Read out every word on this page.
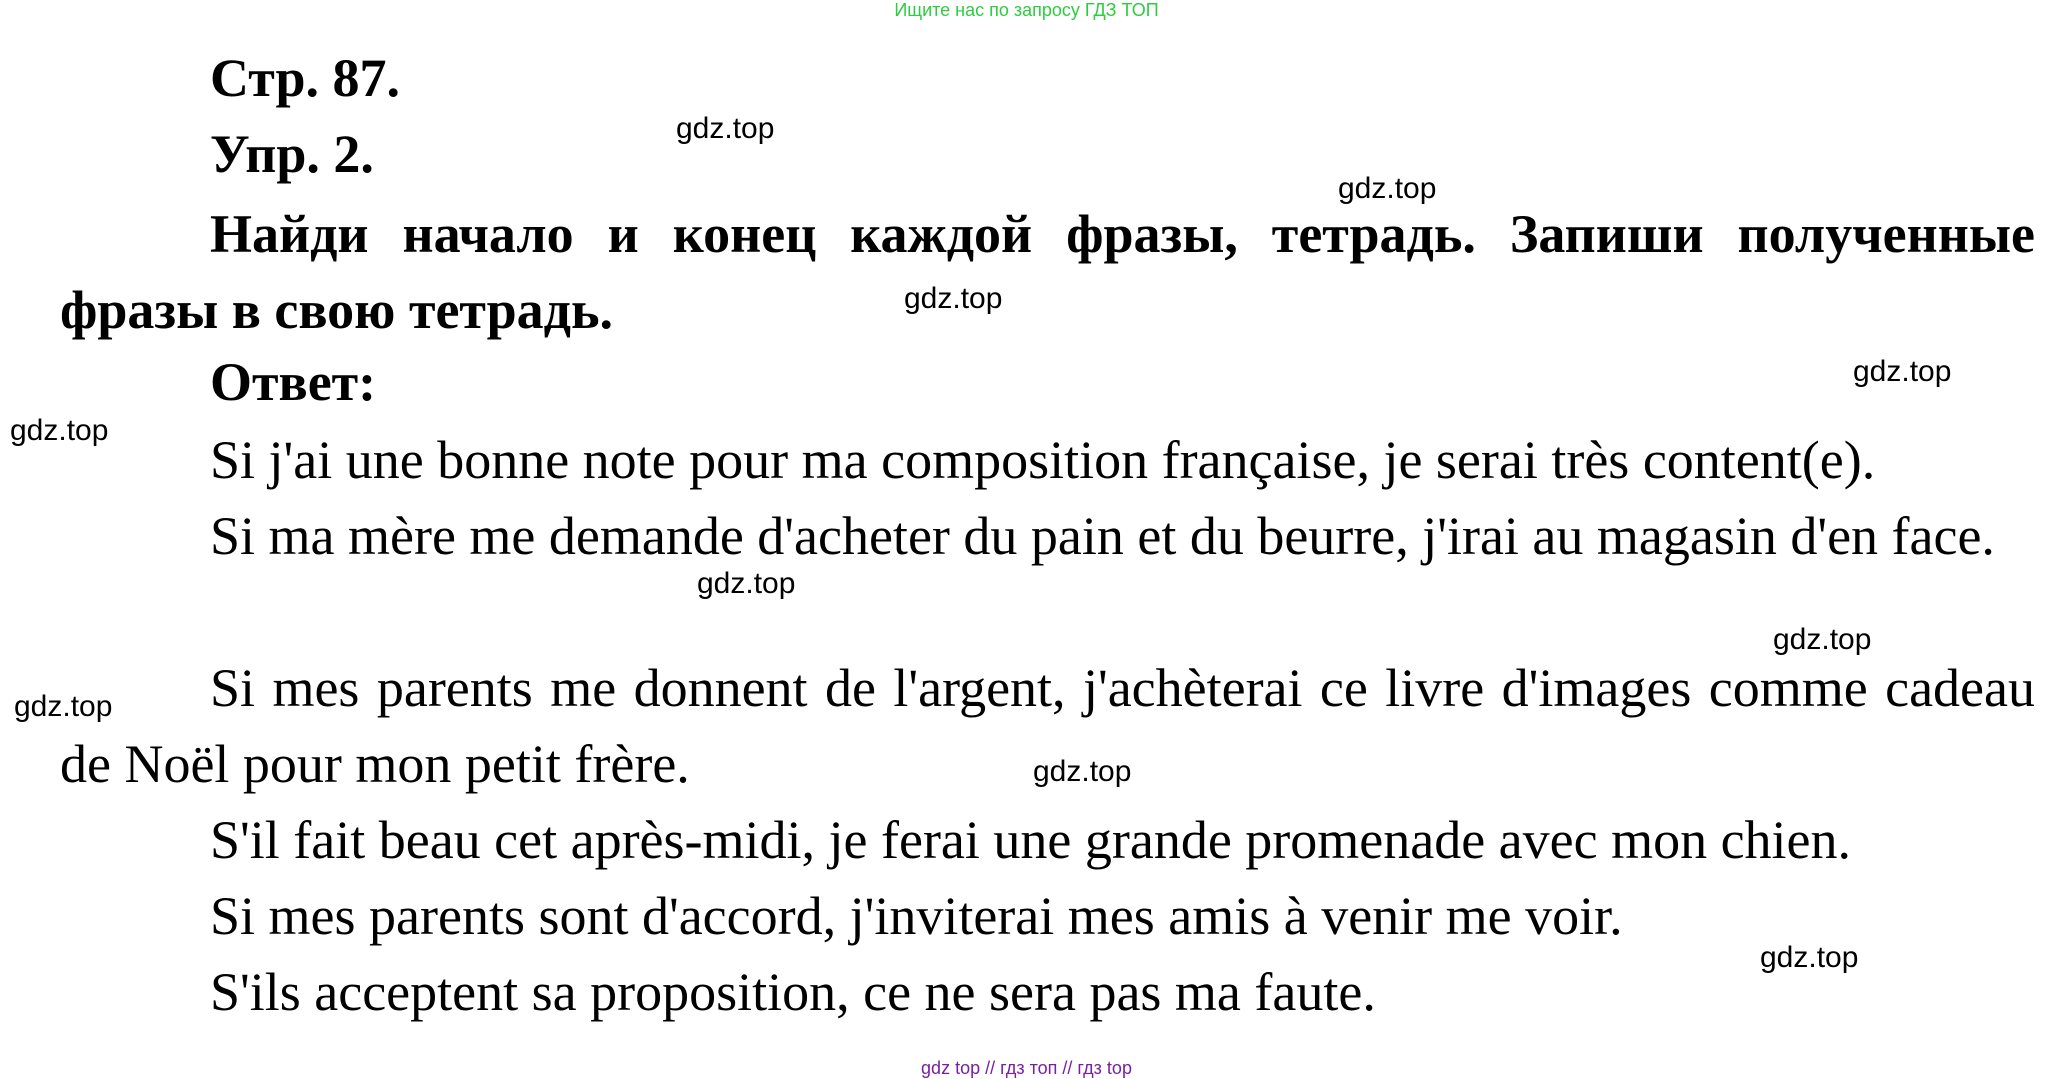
Ищите нас по запросу ГДЗ ТОП
Стр. 87.
Упр. 2.
Найди начало и конец каждой фразы, тетрадь. Запиши полученные фразы в свою тетрадь.
Ответ:

Si j'ai une bonne note pour ma composition française, je serai très content(e).

Si ma mère me demande d'acheter du pain et du beurre, j'irai au magasin d'en face.

Si mes parents me donnent de l'argent, j'achèterai ce livre d'images comme cadeau de Noël pour mon petit frère.

S'il fait beau cet après-midi, je ferai une grande promenade avec mon chien.

Si mes parents sont d'accord, j'inviterai mes amis à venir me voir.

S'ils acceptent sa proposition, ce ne sera pas ma faute.

gdz.top
gdz.top
gdz.top
gdz.top
gdz.top
gdz.top
gdz.top
gdz.top
gdz.top
gdz.top
gdz top // гдз топ // гдз top
